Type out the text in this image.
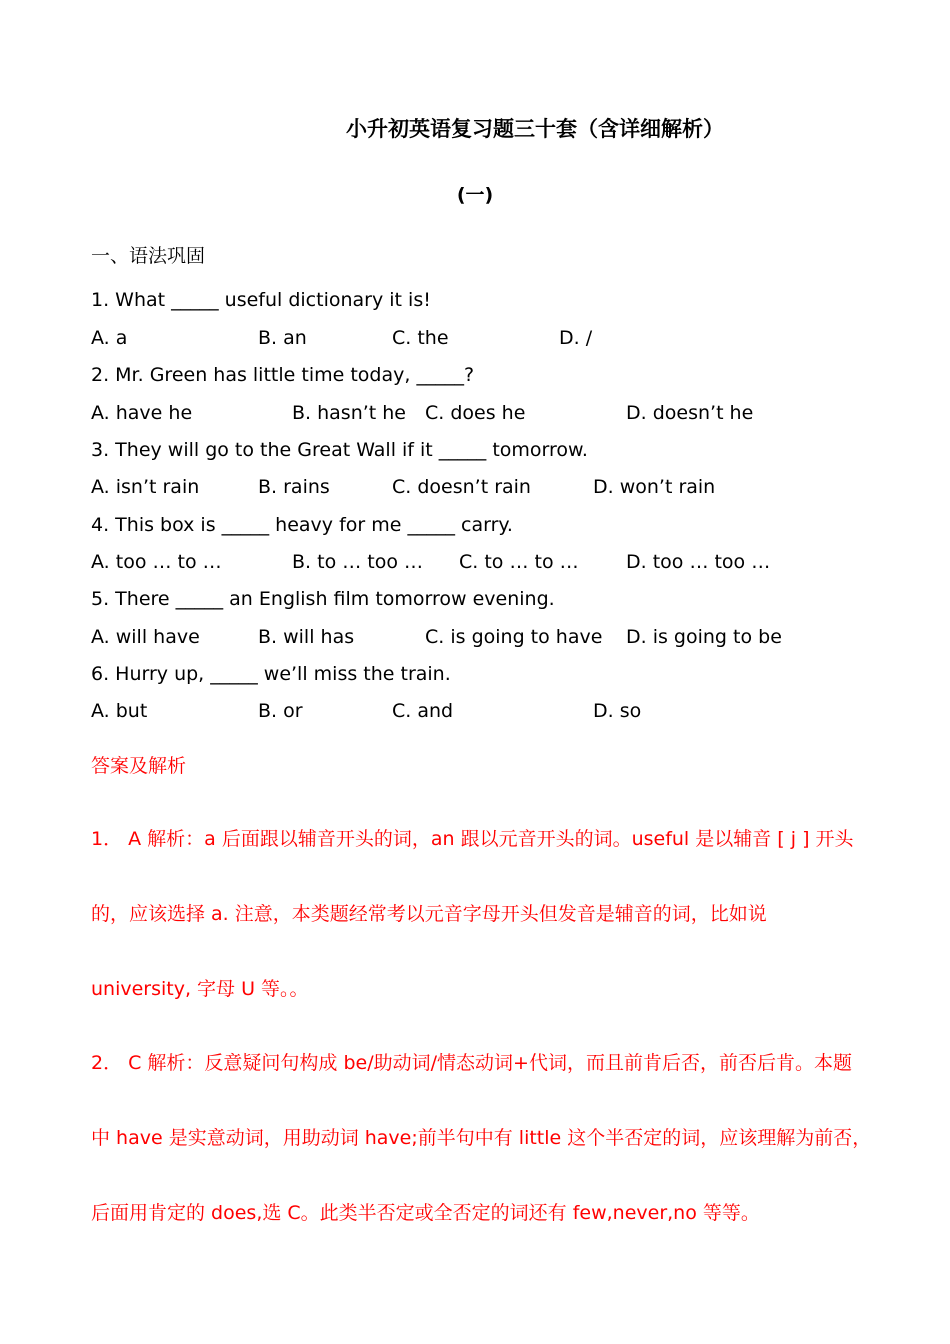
小升初英语复习题三十套（含详细解析）
(一)
一、语法巩固
1. What _____ useful dictionary it is!
A. a	B. an	C. the	D. /
2. Mr. Green has little time today, _____?
A. have he	B. hasn’t he C. does he	D. doesn’t he
3. They will go to the Great Wall if it _____ tomorrow.
A. isn’t rain	B. rains	C. doesn’t rain	D. won’t rain
4. This box is _____ heavy for me _____ carry.
A. too … to …	B. to … too … C. to … to … D. too … too …
5. There _____ an English film tomorrow evening.
A. will have	B. will has	C. is going to have D. is going to be
6. Hurry up, _____ we’ll miss the train.
A. but	B. or	C. and	D. so
答案及解析
1． A 解析：a 后面跟以辅音开头的词，an 跟以元音开头的词。useful 是以辅音 [ j ] 开头
的，应该选择 a. 注意，本类题经常考以元音字母开头但发音是辅音的词，比如说
university, 字母 U 等。。
2． C 解析：反意疑问句构成 be/助动词/情态动词+代词，而且前肯后否，前否后肯。本题
中 have 是实意动词，用助动词 have;前半句中有 little 这个半否定的词，应该理解为前否，
后面用肯定的 does,选 C。此类半否定或全否定的词还有 few,never,no 等等。
